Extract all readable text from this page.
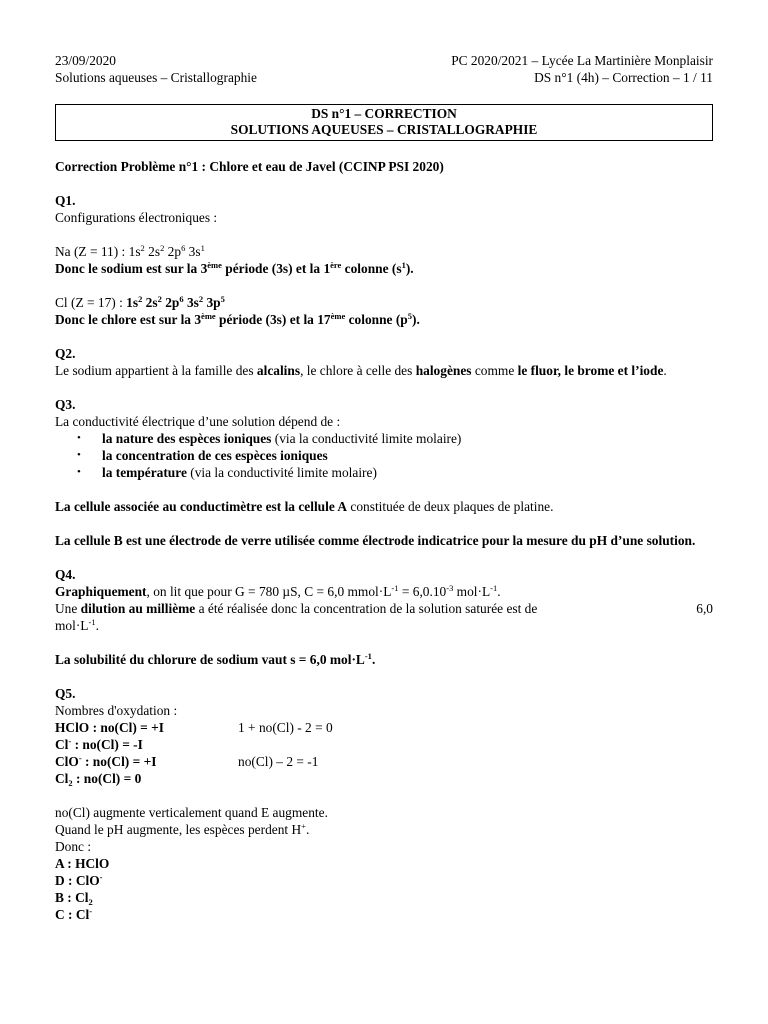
23/09/2020
Solutions aqueuses – Cristallographie
PC 2020/2021 – Lycée La Martinière Monplaisir
DS n°1 (4h) – Correction – 1 / 11
DS n°1 – CORRECTION
SOLUTIONS AQUEUSES – CRISTALLOGRAPHIE

Correction Problème n°1 : Chlore et eau de Javel (CCINP PSI 2020)

Q1.

Configurations électroniques :

Na (Z = 11) : $1s^2$ $2s^2$ $2p^6$ $3s^1$

Donc le sodium est sur la 3ème période (3s) et la 1ère colonne $(s^1)$.

Cl (Z = 17) : $1s^2$ $2s^2$ $2p^6$ $3s^2$ $3p^5$

Donc le chlore est sur la 3ème période (3s) et la 17ème colonne $(p^5)$.

Q2.

Le sodium appartient à la famille des alcalins, le chlore à celle des halogènes comme le fluor, le brome et l’iode.

Q3.

La conductivité électrique d’une solution dépend de :

• la nature des espèces ioniques (via la conductivité limite molaire)
• la concentration de ces espèces ioniques
• la température (via la conductivité limite molaire)

La cellule associée au conductimètre est la cellule A constituée de deux plaques de platine.

La cellule B est une électrode de verre utilisée comme électrode indicatrice pour la mesure du pH d’une solution.

Q4.

Graphiquement, on lit que pour G = 780 µS, C = 6,0 $mmol\cdot L^{-1} = 6,0.10^{-3}$ $mol\cdot L^{-1}$.

Une dilution au millième a été réalisée donc la concentration de la solution saturée est de	6,0

$mol\cdot L^{-1}$.

La solubilité du chlorure de sodium vaut s = 6,0 $mol\cdot L^{-1}$.

Q5.

Nombres d'oxydation :

HClO : no(Cl) = +I	1 + no(Cl) - 2 = 0

Cl- : no(Cl) = -I

ClO- : no(Cl) = +I	no(Cl) – 2 = -1

$Cl_2$ : no(Cl) = 0

no(Cl) augmente verticalement quand E augmente.

Quand le pH augmente, les espèces perdent H+.

Donc :

A : HClO

D : ClO-

B : $Cl_2$

C : Cl-
